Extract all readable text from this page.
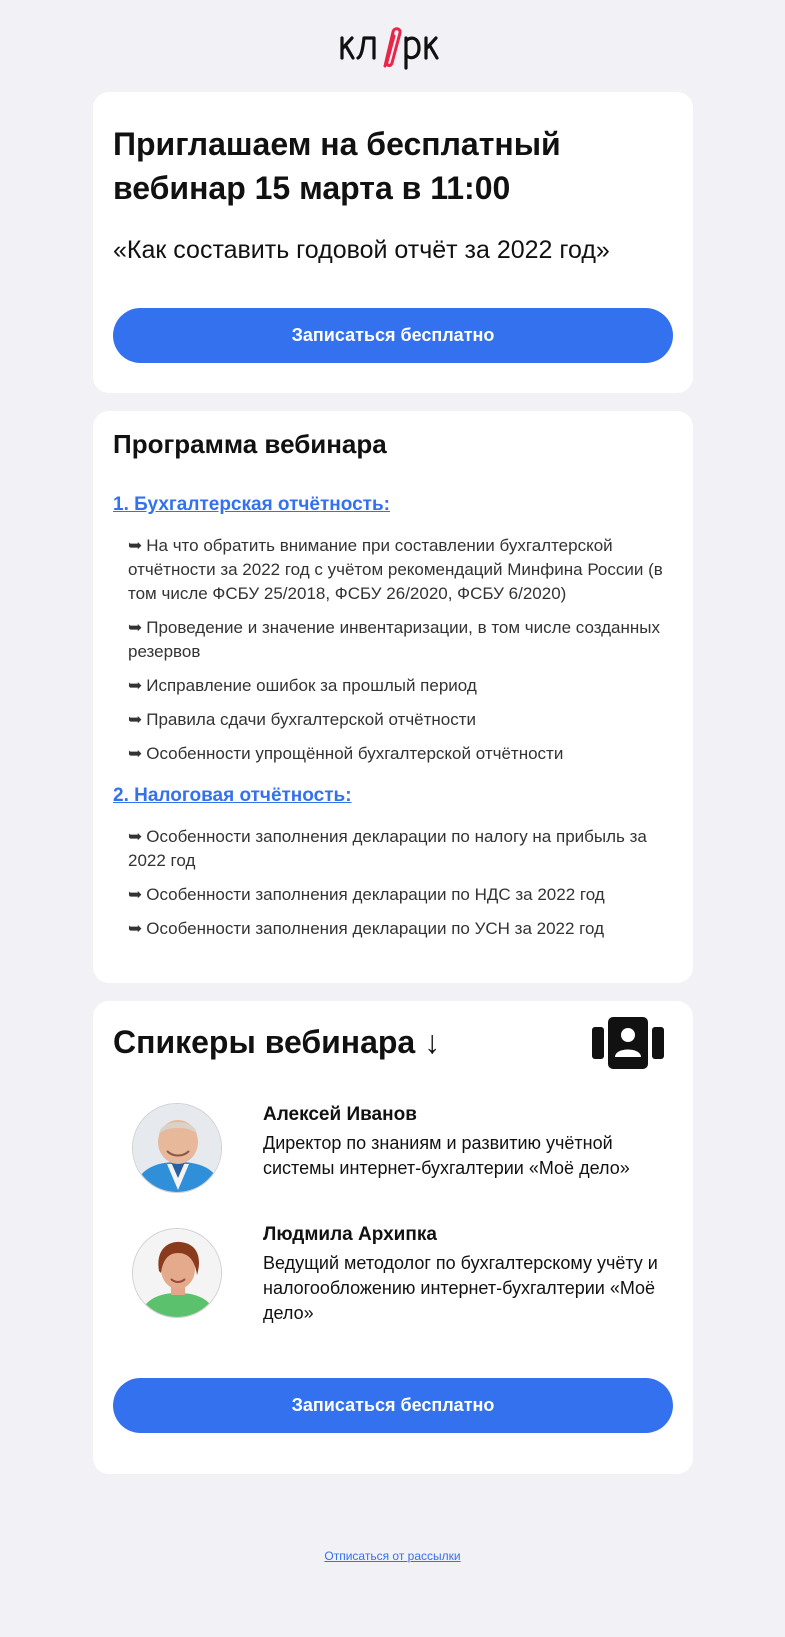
Приглашаем на бесплатный вебинар 15 марта в 11:00
«Как составить годовой отчёт за 2022 год»
Записаться бесплатно
Программа вебинара
1. Бухгалтерская отчётность:
➥ На что обратить внимание при составлении бухгалтерской отчётности за 2022 год с учётом рекомендаций Минфина России (в том числе ФСБУ 25/2018, ФСБУ 26/2020, ФСБУ 6/2020)
➥ Проведение и значение инвентаризации, в том числе созданных резервов
➥ Исправление ошибок за прошлый период
➥ Правила сдачи бухгалтерской отчётности
➥ Особенности упрощённой бухгалтерской отчётности
2. Налоговая отчётность:
➥ Особенности заполнения декларации по налогу на прибыль за 2022 год
➥ Особенности заполнения декларации по НДС за 2022 год
➥ Особенности заполнения декларации по УСН за 2022 год
Спикеры вебинара ↓
Алексей Иванов
Директор по знаниям и развитию учётной системы интернет-бухгалтерии «Моё дело»
Людмила Архипка
Ведущий методолог по бухгалтерскому учёту и налогообложению интернет-бухгалтерии «Моё дело»
Записаться бесплатно
Отписаться от рассылки
